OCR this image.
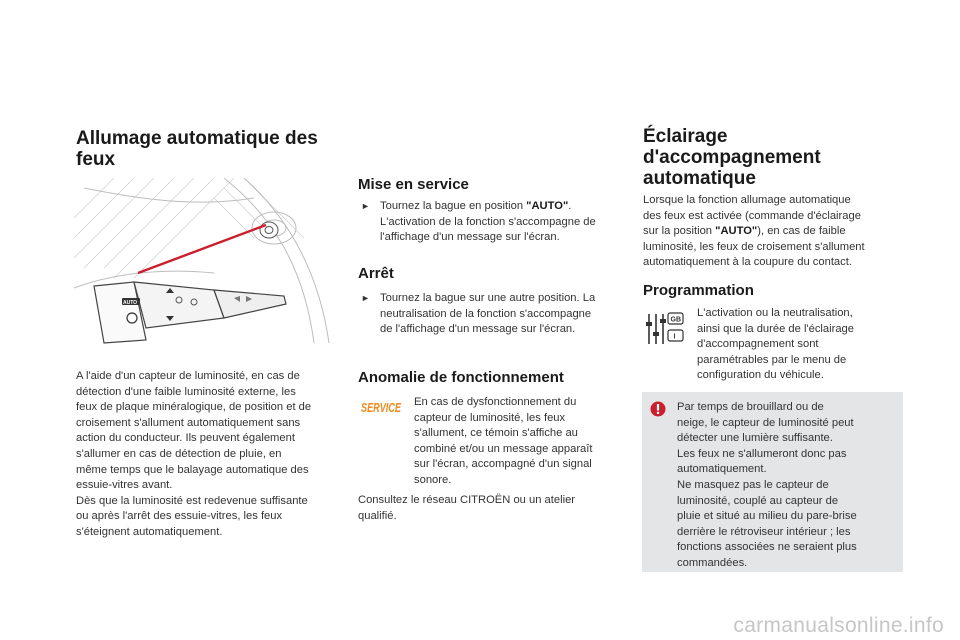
Allumage automatique des
feux
AUTO
A l'aide d'un capteur de luminosité, en cas de
détection d'une faible luminosité externe, les
feux de plaque minéralogique, de position et de
croisement s'allument automatiquement sans
action du conducteur. Ils peuvent également
s'allumer en cas de détection de pluie, en
même temps que le balayage automatique des
essuie-vitres avant.
Dès que la luminosité est redevenue suffisante
ou après l'arrêt des essuie-vitres, les feux
s'éteignent automatiquement.
Mise en service
► Tournez la bague en position "AUTO".
L'activation de la fonction s'accompagne de
l'affichage d'un message sur l'écran.
Arrêt
► Tournez la bague sur une autre position. La
neutralisation de la fonction s'accompagne
de l'affichage d'un message sur l'écran.
Anomalie de fonctionnement
SERVICE En cas de dysfonctionnement du
capteur de luminosité, les feux
s'allument, ce témoin s'affiche au
combiné et/ou un message apparaît
sur l'écran, accompagné d'un signal
sonore.
Consultez le réseau CITROËN ou un atelier
qualifié.
Éclairage
d'accompagnement
automatique
Lorsque la fonction allumage automatique
des feux est activée (commande d'éclairage
sur la position "AUTO"), en cas de faible
luminosité, les feux de croisement s'allument
automatiquement à la coupure du contact.
Programmation
GB
I
L'activation ou la neutralisation,
ainsi que la durée de l'éclairage
d'accompagnement sont
paramétrables par le menu de
configuration du véhicule.
Par temps de brouillard ou de
neige, le capteur de luminosité peut
détecter une lumière suffisante.
Les feux ne s'allumeront donc pas
automatiquement.
Ne masquez pas le capteur de
luminosité, couplé au capteur de
pluie et situé au milieu du pare-brise
derrière le rétroviseur intérieur ; les
fonctions associées ne seraient plus
commandées.
carmanualsonline.info
